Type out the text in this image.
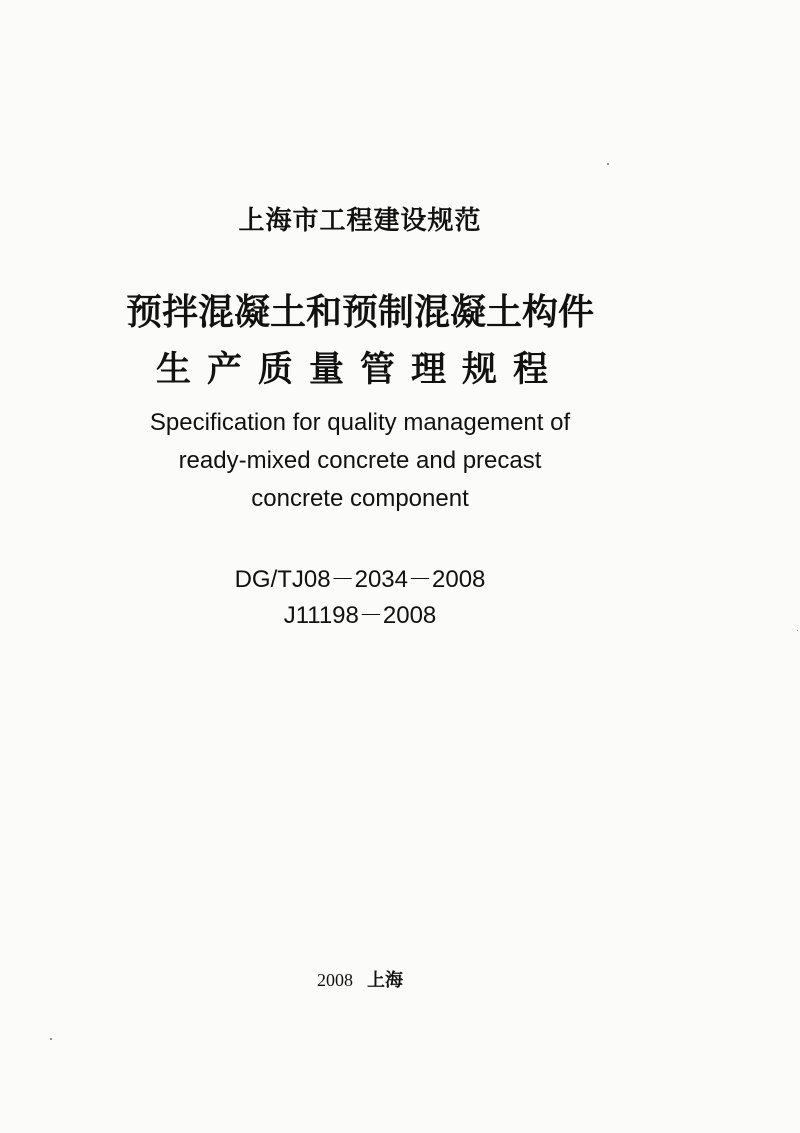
上海市工程建设规范
预拌混凝土和预制混凝土构件
生产质量管理规程
Specification for quality management of
ready-mixed concrete and precast
concrete component
DG/TJ08－2034－2008
J11198－2008
2008 上海
